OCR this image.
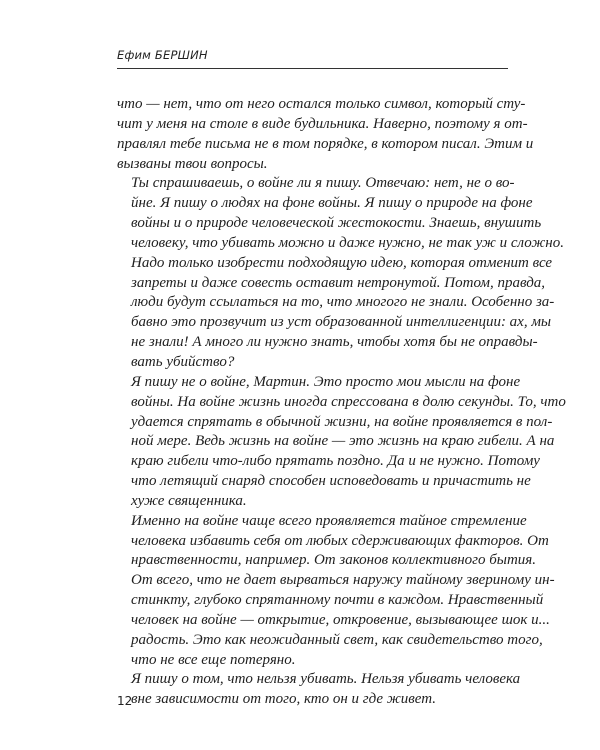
Ефим БЕРШИН

что — нет, что от него остался только символ, который сту-
чит у меня на столе в виде будильника. Наверно, поэтому я от-
правлял тебе письма не в том порядке, в котором писал. Этим и
вызваны твои вопросы.

Ты спрашиваешь, о войне ли я пишу. Отвечаю: нет, не о во-
йне. Я пишу о людях на фоне войны. Я пишу о природе на фоне
войны и о природе человеческой жестокости. Знаешь, внушить
человеку, что убивать можно и даже нужно, не так уж и сложно.
Надо только изобрести подходящую идею, которая отменит все
запреты и даже совесть оставит нетронутой. Потом, правда,
люди будут ссылаться на то, что многого не знали. Особенно за-
бавно это прозвучит из уст образованной интеллигенции: ах, мы
не знали! А много ли нужно знать, чтобы хотя бы не оправды-
вать убийство?

Я пишу не о войне, Мартин. Это просто мои мысли на фоне
войны. На войне жизнь иногда спрессована в долю секунды. То, что
удается спрятать в обычной жизни, на войне проявляется в пол-
ной мере. Ведь жизнь на войне — это жизнь на краю гибели. А на
краю гибели что-либо прятать поздно. Да и не нужно. Потому
что летящий снаряд способен исповедовать и причастить не
хуже священника.

Именно на войне чаще всего проявляется тайное стремление
человека избавить себя от любых сдерживающих факторов. От
нравственности, например. От законов коллективного бытия.
От всего, что не дает вырваться наружу тайному звериному ин-
стинкту, глубоко спрятанному почти в каждом. Нравственный
человек на войне — открытие, откровение, вызывающее шок и...
радость. Это как неожиданный свет, как свидетельство того,
что не все еще потеряно.

Я пишу о том, что нельзя убивать. Нельзя убивать человека
вне зависимости от того, кто он и где живет.

12
